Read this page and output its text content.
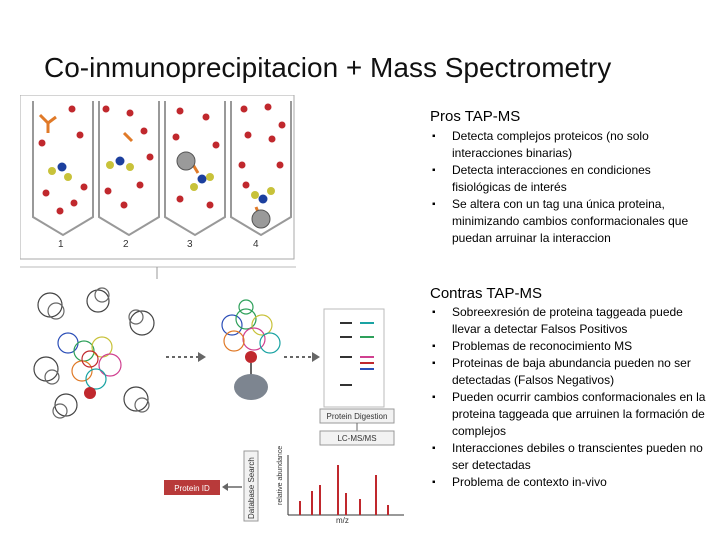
Co-inmunoprecipitacion + Mass Spectrometry
1	2	3	4
Protein Digestion
LC-MS/MS
relative abundance
m/z
Database Search
Protein ID
Pros TAP-MS
▪ Detecta complejos proteicos (no solo interacciones binarias)
▪ Detecta interacciones en condiciones fisiológicas de interés
▪ Se altera con un tag una única proteina, minimizando cambios conformacionales que puedan arruinar la interaccion
Contras TAP-MS
▪ Sobreexresión de proteina taggeada puede llevar a detectar Falsos Positivos
▪ Problemas de reconocimiento MS
▪ Proteinas de baja abundancia pueden no ser detectadas (Falsos Negativos)
▪ Pueden ocurrir cambios conformacionales en la proteina taggeada que arruinen la formación de complejos
▪ Interacciones debiles o transcientes pueden no ser detectadas
▪ Problema de contexto in-vivo
